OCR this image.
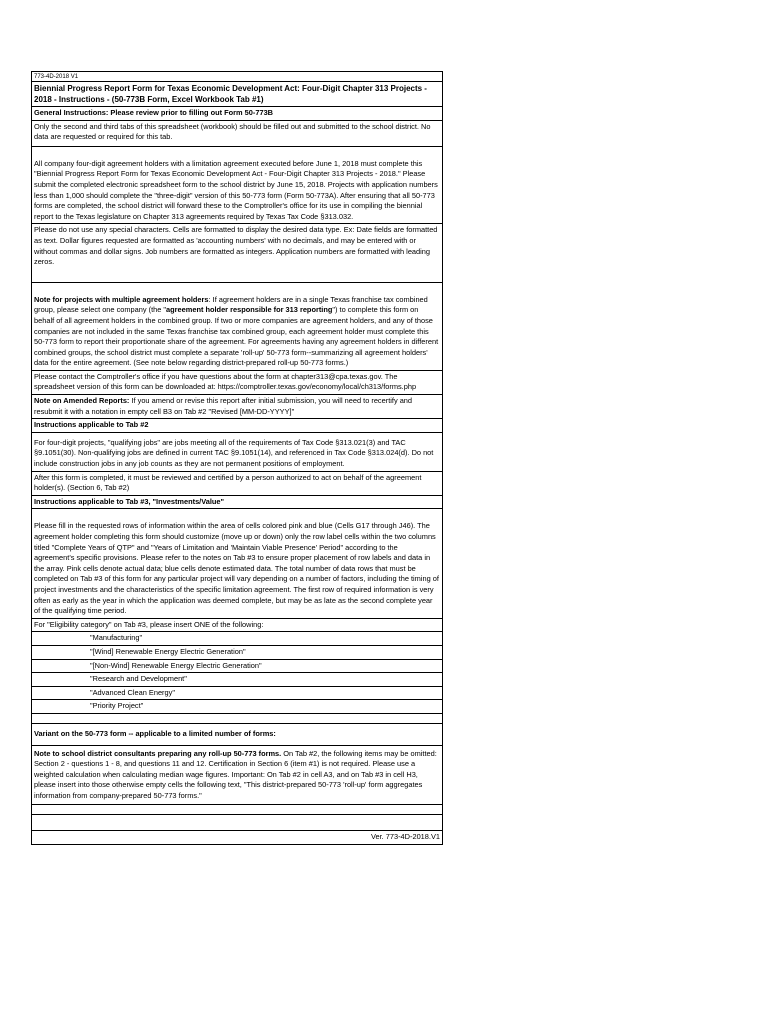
773-4D-2018 V1
Biennial Progress Report Form for Texas Economic Development Act: Four-Digit Chapter 313 Projects - 2018 - Instructions - (50-773B Form, Excel Workbook Tab #1)
General Instructions: Please review prior to filling out Form 50-773B
Only the second and third tabs of this spreadsheet (workbook) should be filled out and submitted to the school district. No data are requested or required for this tab.
All company four-digit agreement holders with a limitation agreement executed before June 1, 2018 must complete this "Biennial Progress Report Form for Texas Economic Development Act - Four-Digit Chapter 313 Projects - 2018." Please submit the completed electronic spreadsheet form to the school district by June 15, 2018. Projects with application numbers less than 1,000 should complete the "three-digit" version of this 50-773 form (Form 50-773A). After ensuring that all 50-773 forms are completed, the school district will forward these to the Comptroller's office for its use in compiling the biennial report to the Texas legislature on Chapter 313 agreements required by Texas Tax Code §313.032.
Please do not use any special characters. Cells are formatted to display the desired data type. Ex: Date fields are formatted as text. Dollar figures requested are formatted as 'accounting numbers' with no decimals, and may be entered with or without commas and dollar signs. Job numbers are formatted as integers. Application numbers are formatted with leading zeros.
Note for projects with multiple agreement holders: If agreement holders are in a single Texas franchise tax combined group, please select one company (the "agreement holder responsible for 313 reporting") to complete this form on behalf of all agreement holders in the combined group. If two or more companies are agreement holders, and any of those companies are not included in the same Texas franchise tax combined group, each agreement holder must complete this 50-773 form to report their proportionate share of the agreement. For agreements having any agreement holders in different combined groups, the school district must complete a separate 'roll-up' 50-773 form--summarizing all agreement holders' data for the entire agreement. (See note below regarding district-prepared roll-up 50-773 forms.)
Please contact the Comptroller's office if you have questions about the form at chapter313@cpa.texas.gov. The spreadsheet version of this form can be downloaded at: https://comptroller.texas.gov/economy/local/ch313/forms.php
Note on Amended Reports: If you amend or revise this report after initial submission, you will need to recertify and resubmit it with a notation in empty cell B3 on Tab #2 "Revised [MM-DD-YYYY]"
Instructions applicable to Tab #2
For four-digit projects, "qualifying jobs" are jobs meeting all of the requirements of Tax Code §313.021(3) and TAC §9.1051(30). Non-qualifying jobs are defined in current TAC §9.1051(14), and referenced in Tax Code §313.024(d). Do not include construction jobs in any job counts as they are not permanent positions of employment.
After this form is completed, it must be reviewed and certified by a person authorized to act on behalf of the agreement holder(s). (Section 6, Tab #2)
Instructions applicable to Tab #3, "Investments/Value"
Please fill in the requested rows of information within the area of cells colored pink and blue (Cells G17 through J46). The agreement holder completing this form should customize (move up or down) only the row label cells within the two columns titled "Complete Years of QTP" and "Years of Limitation and 'Maintain Viable Presence' Period" according to the agreement's specific provisions. Please refer to the notes on Tab #3 to ensure proper placement of row labels and data in the array. Pink cells denote actual data; blue cells denote estimated data. The total number of data rows that must be completed on Tab #3 of this form for any particular project will vary depending on a number of factors, including the timing of project investments and the characteristics of the specific limitation agreement. The first row of required information is very often as early as the year in which the application was deemed complete, but may be as late as the second complete year of the qualifying time period.
For "Eligibility category" on Tab #3, please insert ONE of the following:
"Manufacturing"
"[Wind] Renewable Energy Electric Generation"
"[Non-Wind] Renewable Energy Electric Generation"
"Research and Development"
"Advanced Clean Energy"
"Priority Project"
Variant on the 50-773 form -- applicable to a limited number of forms:
Note to school district consultants preparing any roll-up 50-773 forms. On Tab #2, the following items may be omitted: Section 2 - questions 1 - 8, and questions 11 and 12. Certification in Section 6 (item #1) is not required. Please use a weighted calculation when calculating median wage figures. Important: On Tab #2 in cell A3, and on Tab #3 in cell H3, please insert into those otherwise empty cells the following text, "This district-prepared 50-773 'roll-up' form aggregates information from company-prepared 50-773 forms."
Ver. 773-4D-2018.V1
